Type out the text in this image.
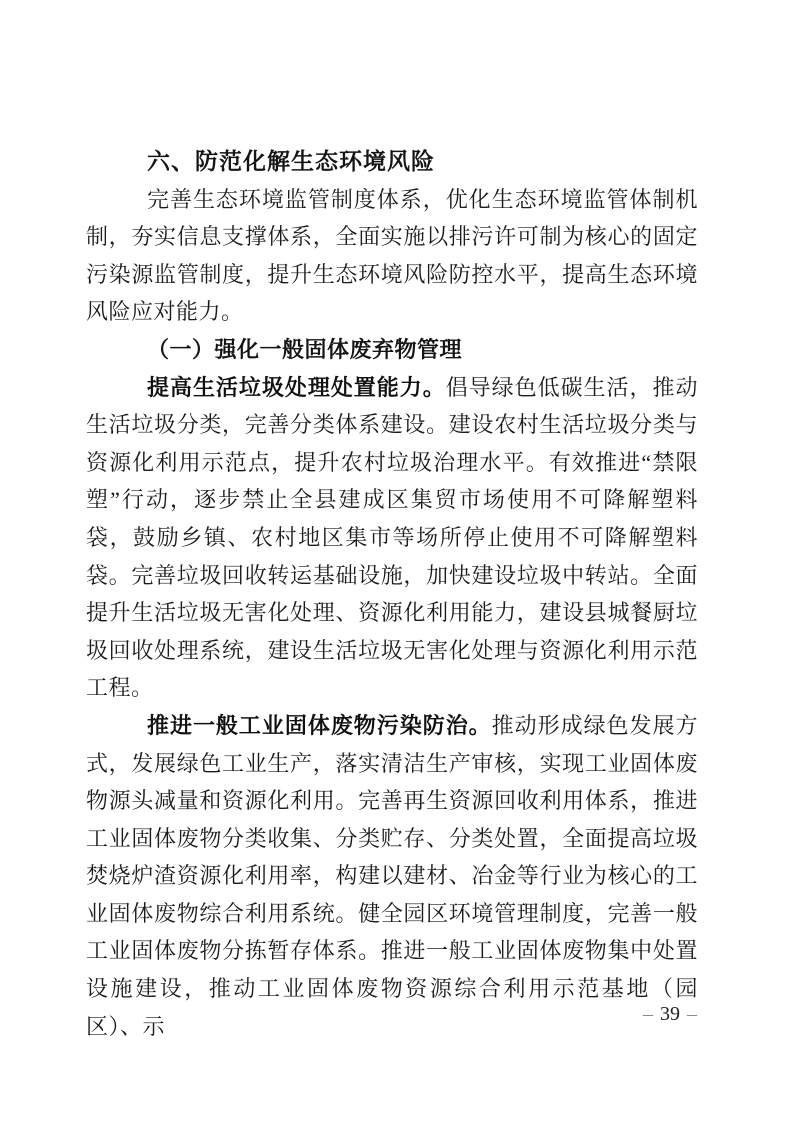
六、防范化解生态环境风险

完善生态环境监管制度体系，优化生态环境监管体制机制，夯实信息支撑体系，全面实施以排污许可制为核心的固定污染源监管制度，提升生态环境风险防控水平，提高生态环境风险应对能力。

（一）强化一般固体废弃物管理

提高生活垃圾处理处置能力。倡导绿色低碳生活，推动生活垃圾分类，完善分类体系建设。建设农村生活垃圾分类与资源化利用示范点，提升农村垃圾治理水平。有效推进“禁限塑”行动，逐步禁止全县建成区集贸市场使用不可降解塑料袋，鼓励乡镇、农村地区集市等场所停止使用不可降解塑料袋。完善垃圾回收转运基础设施，加快建设垃圾中转站。全面提升生活垃圾无害化处理、资源化利用能力，建设县城餐厨垃圾回收处理系统，建设生活垃圾无害化处理与资源化利用示范工程。

推进一般工业固体废物污染防治。推动形成绿色发展方式，发展绿色工业生产，落实清洁生产审核，实现工业固体废物源头减量和资源化利用。完善再生资源回收利用体系，推进工业固体废物分类收集、分类贮存、分类处置，全面提高垃圾焚烧炉渣资源化利用率，构建以建材、冶金等行业为核心的工业固体废物综合利用系统。健全园区环境管理制度，完善一般工业固体废物分拣暂存体系。推进一般工业固体废物集中处置设施建设，推动工业固体废物资源综合利用示范基地（园区）、示	– 39 –
